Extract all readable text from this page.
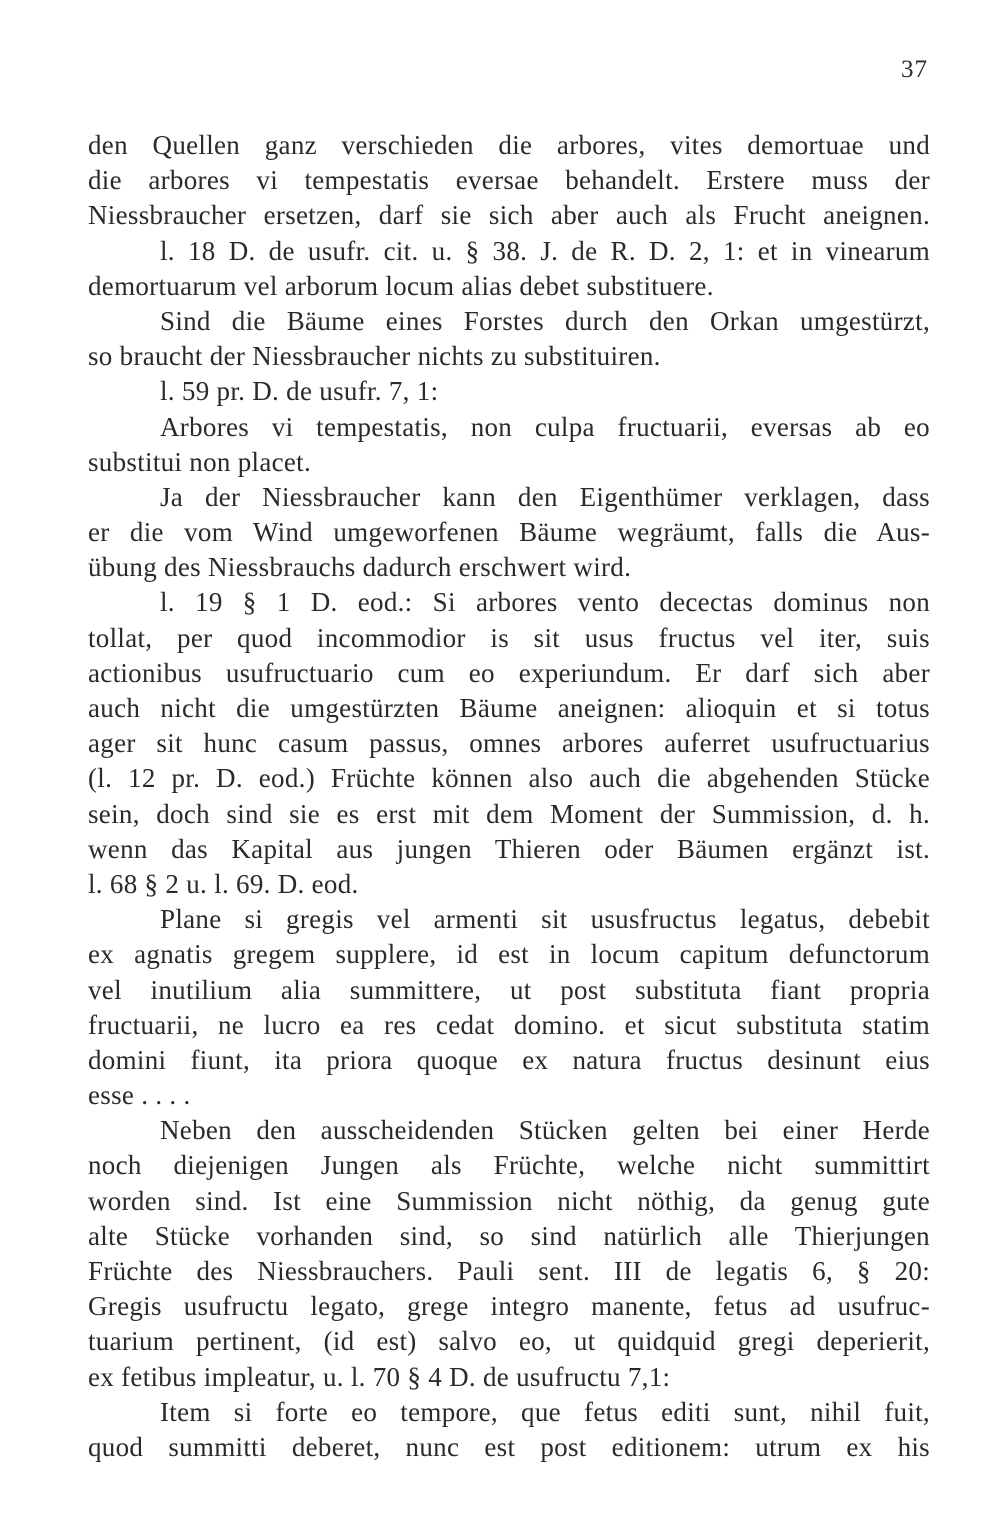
37
den Quellen ganz verschieden die arbores, vites demortuae und
die arbores vi tempestatis eversae behandelt. Erstere muss der
Niessbraucher ersetzen, darf sie sich aber auch als Frucht aneignen.
l. 18 D. de usufr. cit. u. § 38. J. de R. D. 2, 1: et in vinearum
demortuarum vel arborum locum alias debet substituere.
Sind die Bäume eines Forstes durch den Orkan umgestürzt,
so braucht der Niessbraucher nichts zu substituiren.
l. 59 pr. D. de usufr. 7, 1:
Arbores vi tempestatis, non culpa fructuarii, eversas ab eo
substitui non placet.
Ja der Niessbraucher kann den Eigenthümer verklagen, dass
er die vom Wind umgeworfenen Bäume wegräumt, falls die Aus-
übung des Niessbrauchs dadurch erschwert wird.
l. 19 § 1 D. eod.: Si arbores vento decectas dominus non
tollat, per quod incommodior is sit usus fructus vel iter, suis
actionibus usufructuario cum eo experiundum. Er darf sich aber
auch nicht die umgestürzten Bäume aneignen: alioquin et si totus
ager sit hunc casum passus, omnes arbores auferret usufructuarius
(l. 12 pr. D. eod.) Früchte können also auch die abgehenden Stücke
sein, doch sind sie es erst mit dem Moment der Summission, d. h.
wenn das Kapital aus jungen Thieren oder Bäumen ergänzt ist.
l. 68 § 2 u. l. 69. D. eod.
Plane si gregis vel armenti sit ususfructus legatus, debebit
ex agnatis gregem supplere, id est in locum capitum defunctorum
vel inutilium alia summittere, ut post substituta fiant propria
fructuarii, ne lucro ea res cedat domino. et sicut substituta statim
domini fiunt, ita priora quoque ex natura fructus desinunt eius
esse . . . .
Neben den ausscheidenden Stücken gelten bei einer Herde
noch diejenigen Jungen als Früchte, welche nicht summittirt
worden sind. Ist eine Summission nicht nöthig, da genug gute
alte Stücke vorhanden sind, so sind natürlich alle Thierjungen
Früchte des Niessbrauchers. Pauli sent. III de legatis 6, § 20:
Gregis usufructu legato, grege integro manente, fetus ad usufruc-
tuarium pertinent, (id est) salvo eo, ut quidquid gregi deperierit,
ex fetibus impleatur, u. l. 70 § 4 D. de usufructu 7,1:
Item si forte eo tempore, que fetus editi sunt, nihil fuit,
quod summitti deberet, nunc est post editionem: utrum ex his
